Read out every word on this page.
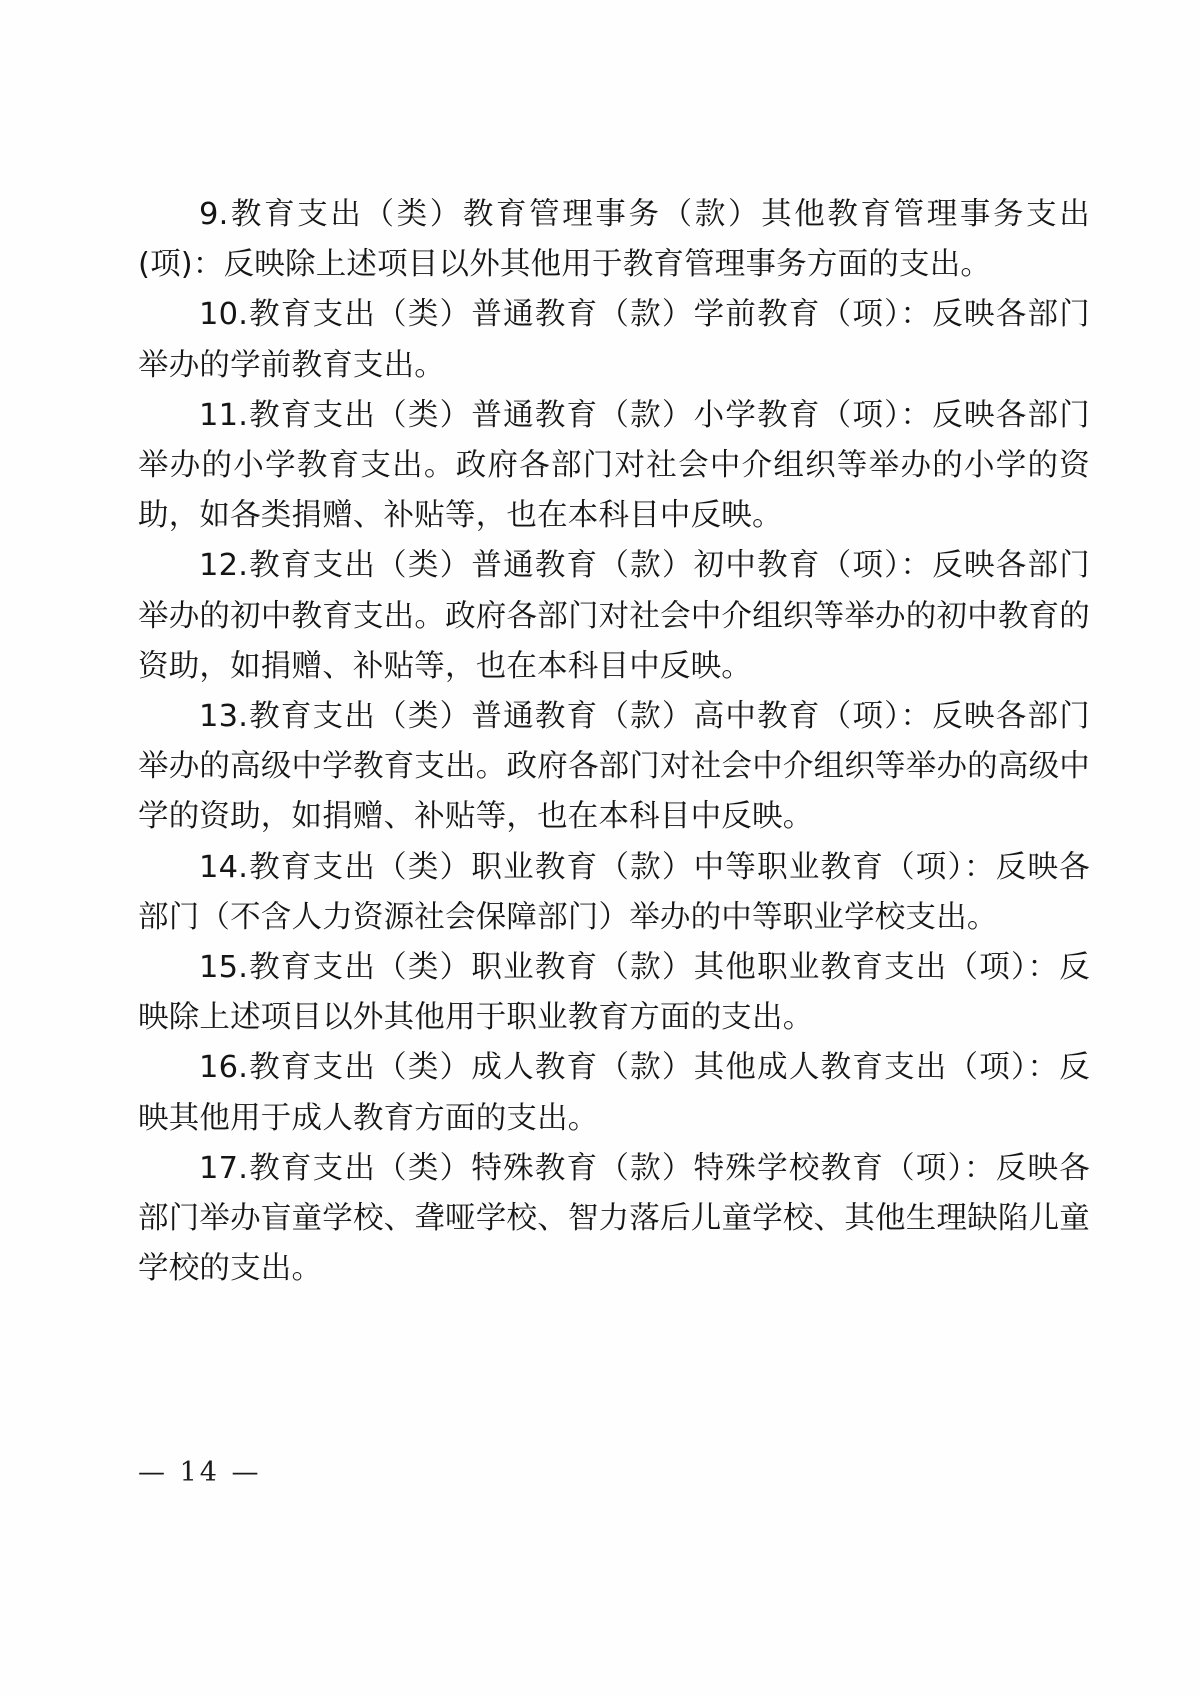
9.教育支出（类）教育管理事务（款）其他教育管理事务支出(项)：反映除上述项目以外其他用于教育管理事务方面的支出。

10.教育支出（类）普通教育（款）学前教育（项）：反映各部门举办的学前教育支出。

11.教育支出（类）普通教育（款）小学教育（项）：反映各部门举办的小学教育支出。政府各部门对社会中介组织等举办的小学的资助，如各类捐赠、补贴等，也在本科目中反映。

12.教育支出（类）普通教育（款）初中教育（项）：反映各部门举办的初中教育支出。政府各部门对社会中介组织等举办的初中教育的资助，如捐赠、补贴等，也在本科目中反映。

13.教育支出（类）普通教育（款）高中教育（项）：反映各部门举办的高级中学教育支出。政府各部门对社会中介组织等举办的高级中学的资助，如捐赠、补贴等，也在本科目中反映。

14.教育支出（类）职业教育（款）中等职业教育（项）：反映各部门（不含人力资源社会保障部门）举办的中等职业学校支出。

15.教育支出（类）职业教育（款）其他职业教育支出（项）：反映除上述项目以外其他用于职业教育方面的支出。

16.教育支出（类）成人教育（款）其他成人教育支出（项）：反映其他用于成人教育方面的支出。

17.教育支出（类）特殊教育（款）特殊学校教育（项）：反映各部门举办盲童学校、聋哑学校、智力落后儿童学校、其他生理缺陷儿童学校的支出。

— 14 —
